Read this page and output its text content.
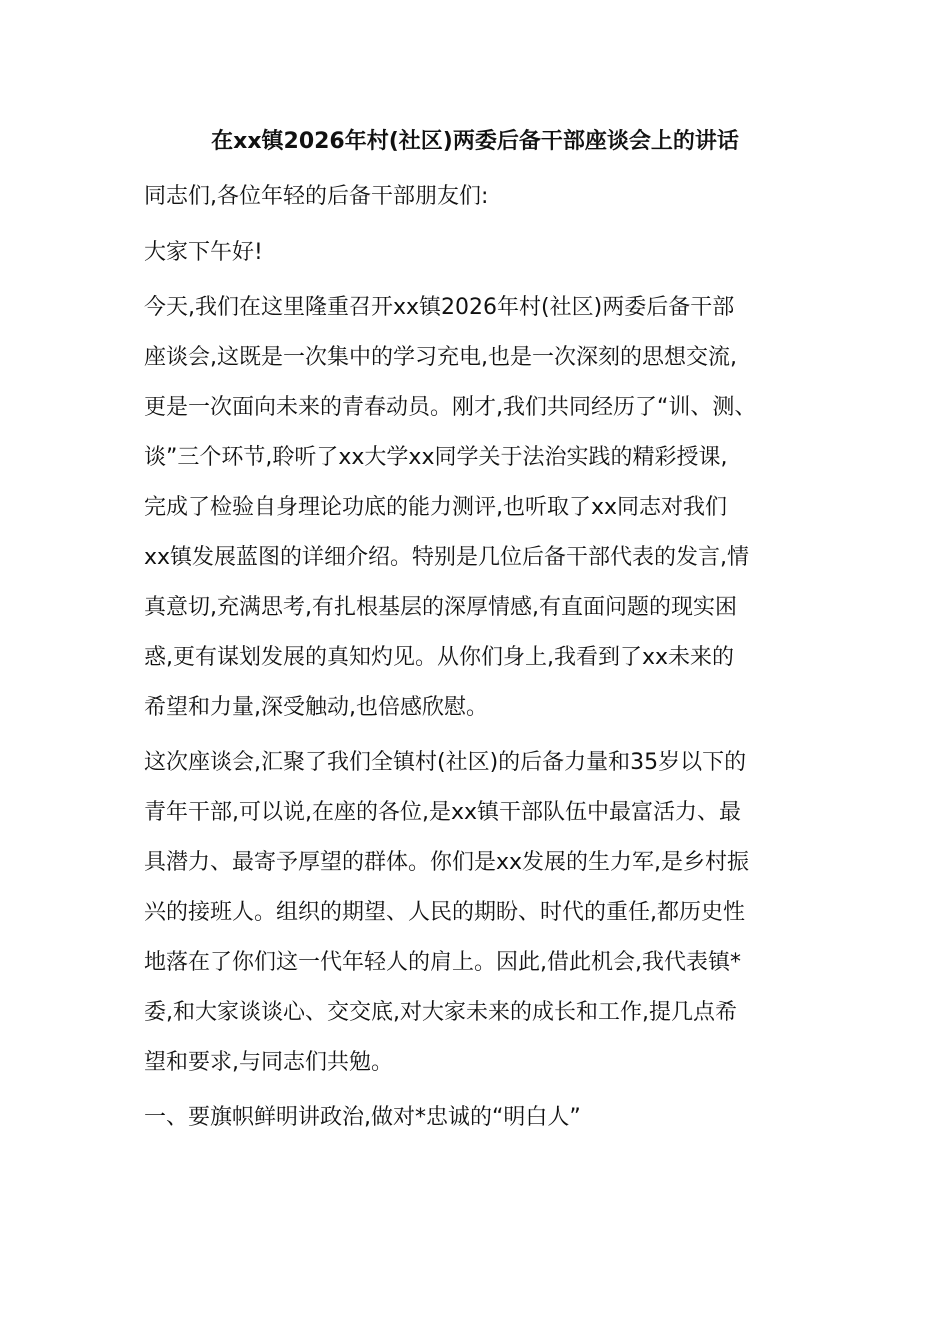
在xx镇2026年村(社区)两委后备干部座谈会上的讲话
同志们,各位年轻的后备干部朋友们:
大家下午好!
今天,我们在这里隆重召开xx镇2026年村(社区)两委后备干部
座谈会,这既是一次集中的学习充电,也是一次深刻的思想交流,
更是一次面向未来的青春动员。刚才,我们共同经历了“训、测、
谈”三个环节,聆听了xx大学xx同学关于法治实践的精彩授课,
完成了检验自身理论功底的能力测评,也听取了xx同志对我们
xx镇发展蓝图的详细介绍。特别是几位后备干部代表的发言,情
真意切,充满思考,有扎根基层的深厚情感,有直面问题的现实困
惑,更有谋划发展的真知灼见。从你们身上,我看到了xx未来的
希望和力量,深受触动,也倍感欣慰。
这次座谈会,汇聚了我们全镇村(社区)的后备力量和35岁以下的
青年干部,可以说,在座的各位,是xx镇干部队伍中最富活力、最
具潜力、最寄予厚望的群体。你们是xx发展的生力军,是乡村振
兴的接班人。组织的期望、人民的期盼、时代的重任,都历史性
地落在了你们这一代年轻人的肩上。因此,借此机会,我代表镇*
委,和大家谈谈心、交交底,对大家未来的成长和工作,提几点希
望和要求,与同志们共勉。
一、要旗帜鲜明讲政治,做对*忠诚的“明白人”
